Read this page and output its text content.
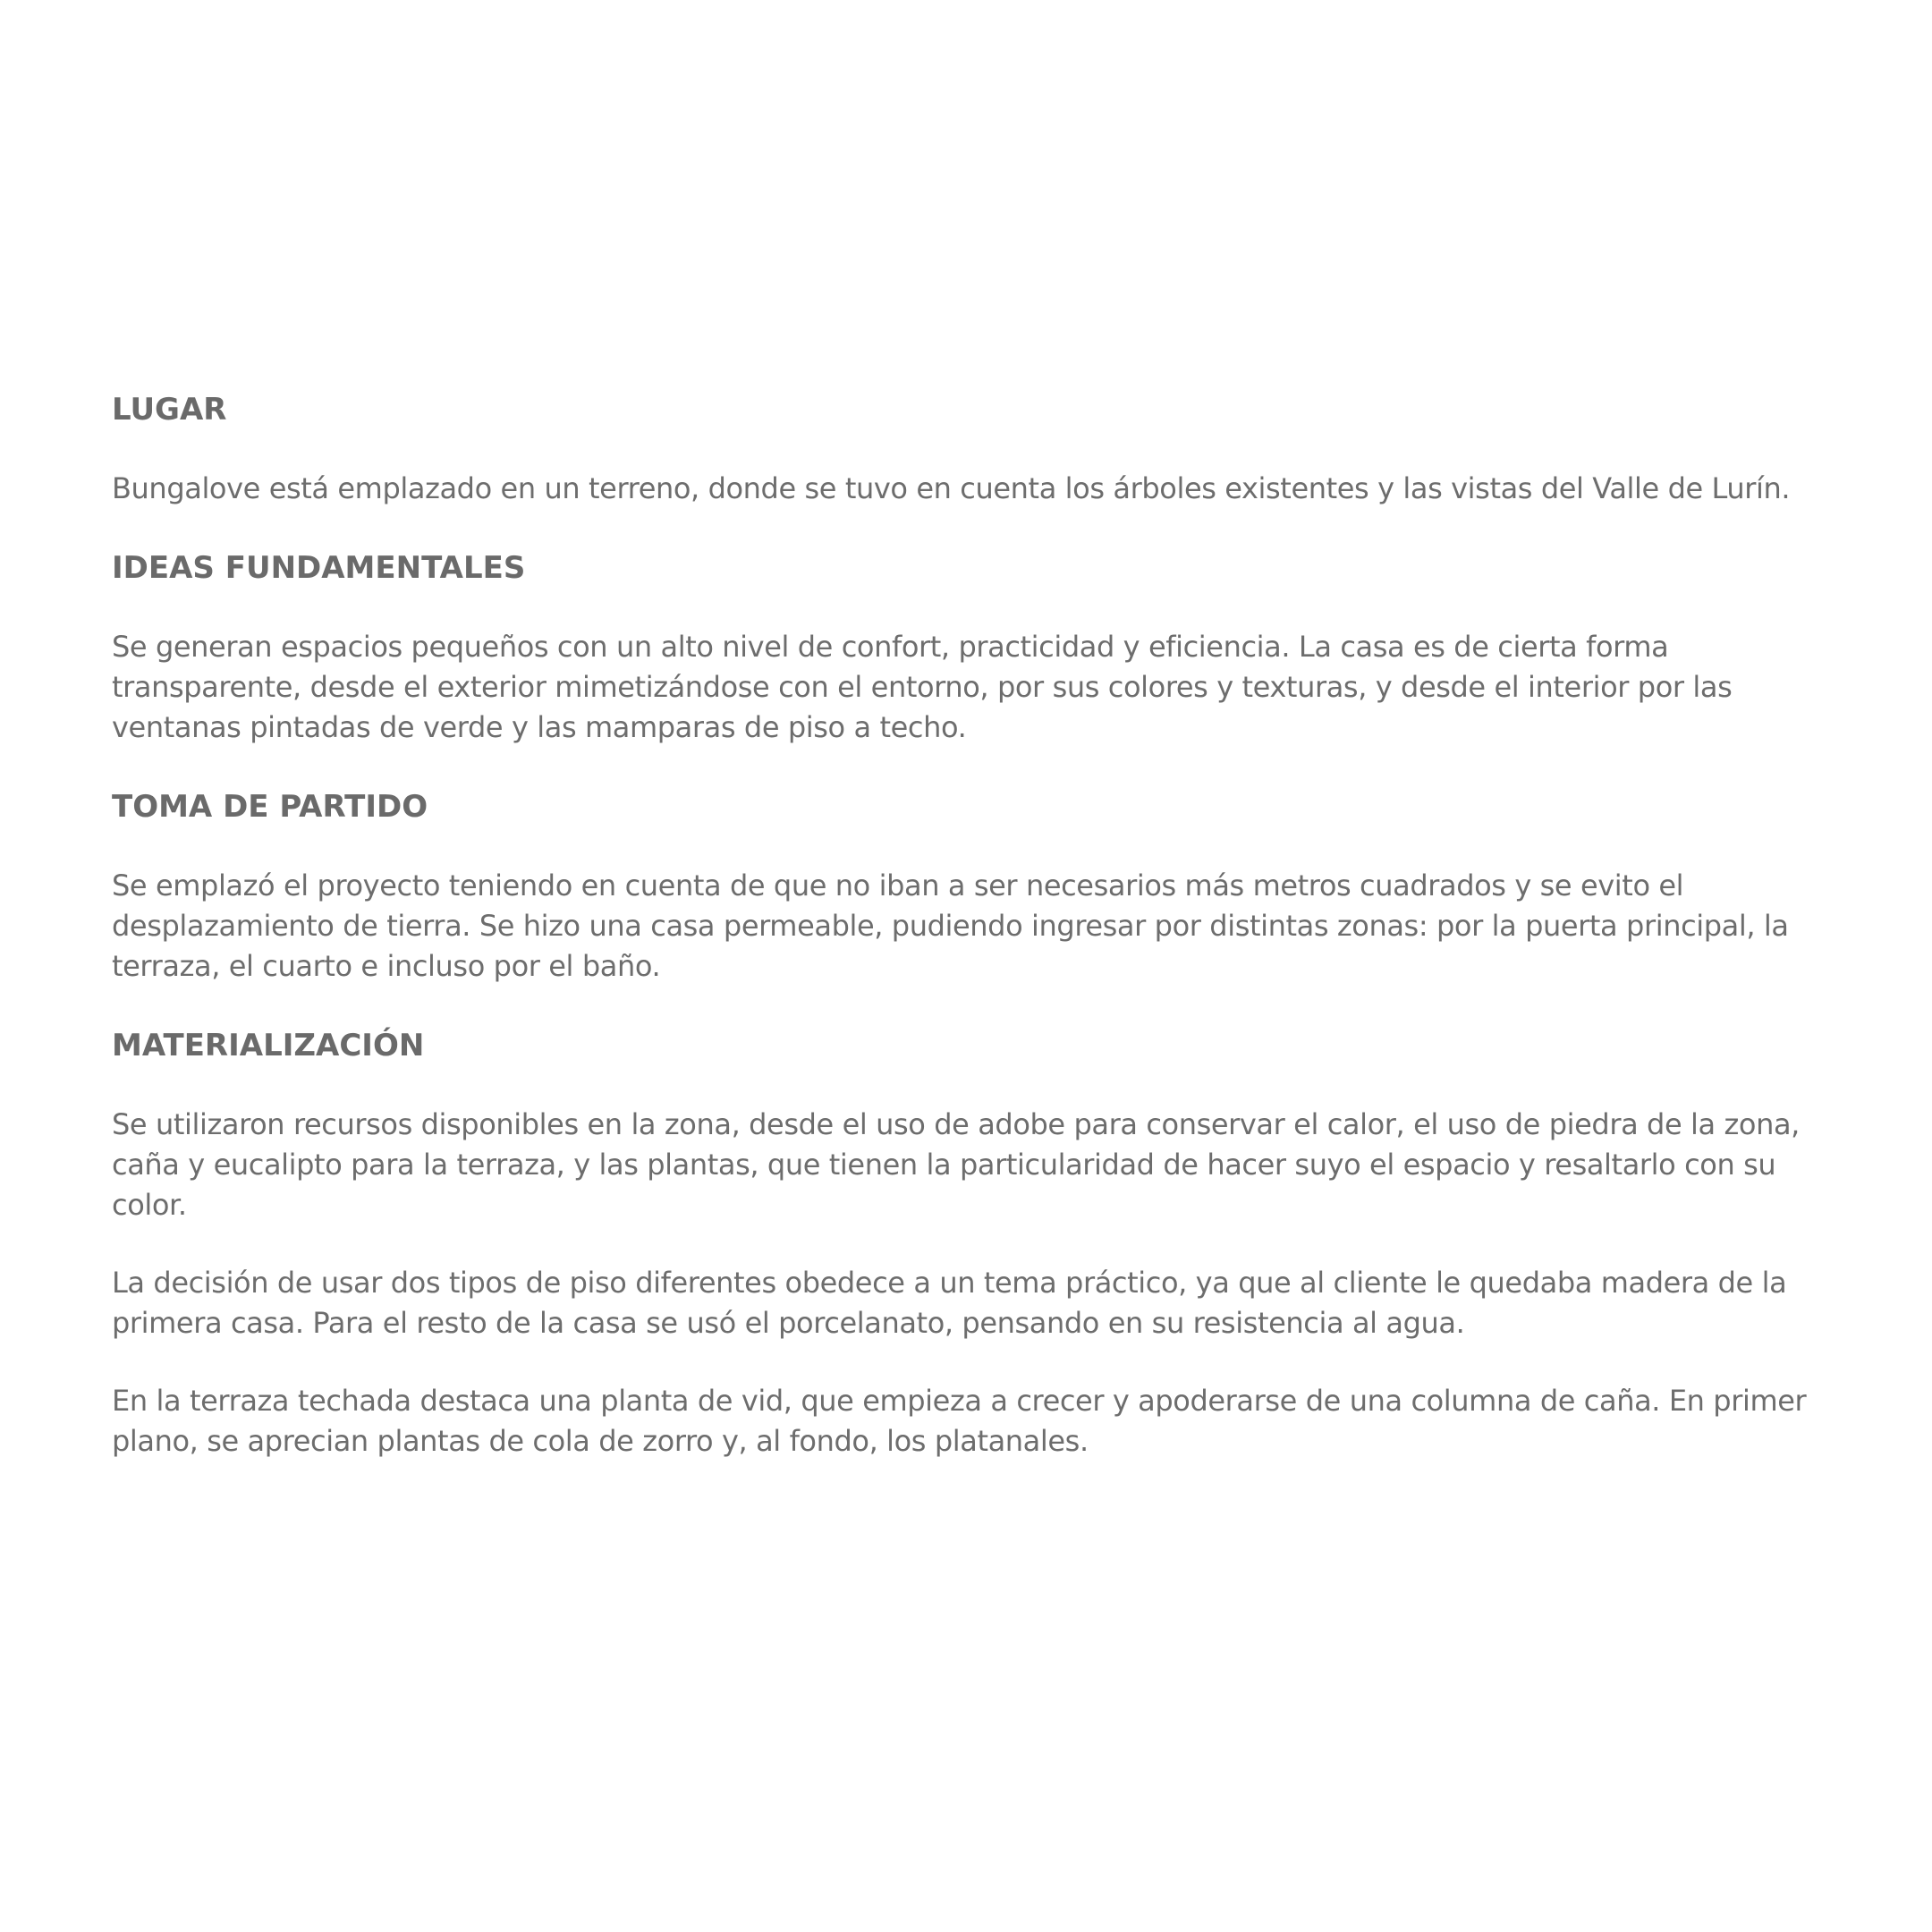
LUGAR

Bungalove está emplazado en un terreno, donde se tuvo en cuenta los árboles existentes y las vistas del Valle de Lurín.

IDEAS FUNDAMENTALES

Se generan espacios pequeños con un alto nivel de confort, practicidad y eficiencia. La casa es de cierta forma transparente, desde el exterior mimetizándose con el entorno, por sus colores y texturas, y desde el interior por las ventanas pintadas de verde y las mamparas de piso a techo.

TOMA DE PARTIDO

Se emplazó el proyecto teniendo en cuenta de que no iban a ser necesarios más metros cuadrados y se evito el desplazamiento de tierra. Se hizo una casa permeable, pudiendo ingresar por distintas zonas: por la puerta principal, la terraza, el cuarto e incluso por el baño.

MATERIALIZACIÓN

Se utilizaron recursos disponibles en la zona, desde el uso de adobe para conservar el calor, el uso de piedra de la zona, caña y eucalipto para la terraza, y las plantas, que tienen la particularidad de hacer suyo el espacio y resaltarlo con su color.

La decisión de usar dos tipos de piso diferentes obedece a un tema práctico, ya que al cliente le quedaba madera de la primera casa. Para el resto de la casa se usó el porcelanato, pensando en su resistencia al agua.

En la terraza techada destaca una planta de vid, que empieza a crecer y apoderarse de una columna de caña. En primer plano, se aprecian plantas de cola de zorro y, al fondo, los platanales.
